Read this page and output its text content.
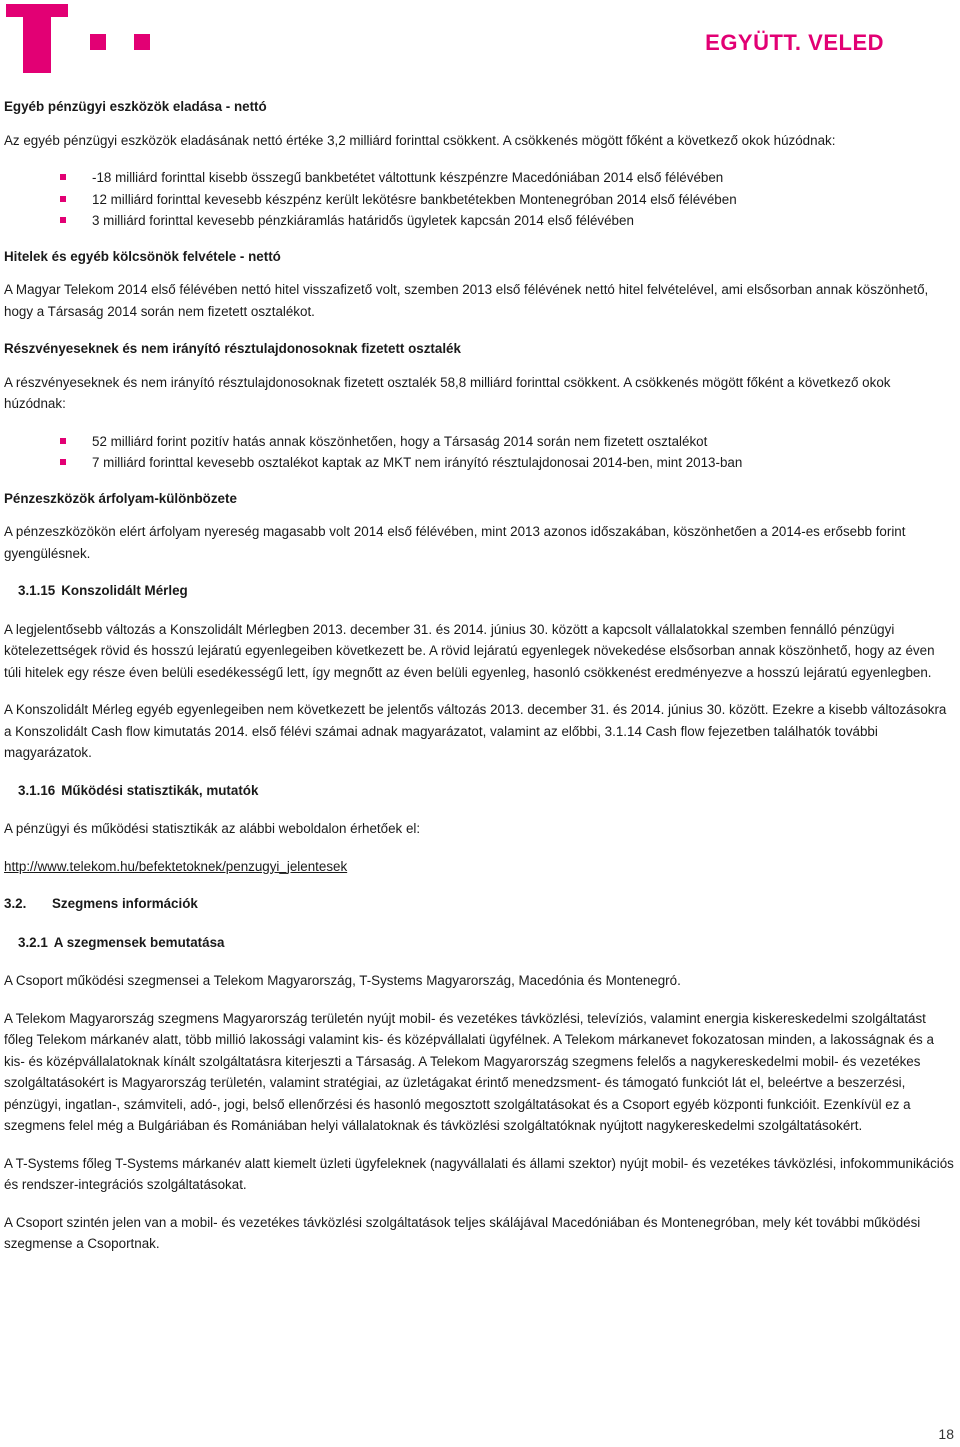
EGYÜTT. VELED
Egyéb pénzügyi eszközök eladása - nettó
Az egyéb pénzügyi eszközök eladásának nettó értéke 3,2 milliárd forinttal csökkent. A csökkenés mögött főként a következő okok húzódnak:
-18 milliárd forinttal kisebb összegű bankbetétet váltottunk készpénzre Macedóniában 2014 első félévében
12 milliárd forinttal kevesebb készpénz került lekötésre bankbetétekben Montenegróban 2014 első félévében
3 milliárd forinttal kevesebb pénzkiáramlás határidős ügyletek kapcsán 2014 első félévében
Hitelek és egyéb kölcsönök felvétele - nettó
A Magyar Telekom 2014 első félévében nettó hitel visszafizető volt, szemben 2013 első félévének nettó hitel felvételével, ami elsősorban annak köszönhető, hogy a Társaság 2014 során nem fizetett osztalékot.
Részvényeseknek és nem irányító résztulajdonosoknak fizetett osztalék
A részvényeseknek és nem irányító résztulajdonosoknak fizetett osztalék 58,8 milliárd forinttal csökkent. A csökkenés mögött főként a következő okok húzódnak:
52 milliárd forint pozitív hatás annak köszönhetően, hogy a Társaság 2014 során nem fizetett osztalékot
7 milliárd forinttal kevesebb osztalékot kaptak az MKT nem irányító résztulajdonosai 2014-ben, mint 2013-ban
Pénzeszközök árfolyam-különbözete
A pénzeszközökön elért árfolyam nyereség magasabb volt 2014 első félévében, mint 2013 azonos időszakában, köszönhetően a 2014-es erősebb forint gyengülésnek.
3.1.15 Konszolidált Mérleg
A legjelentősebb változás a Konszolidált Mérlegben 2013. december 31. és 2014. június 30. között a kapcsolt vállalatokkal szemben fennálló pénzügyi kötelezettségek rövid és hosszú lejáratú egyenlegeiben következett be. A rövid lejáratú egyenlegek növekedése elsősorban annak köszönhető, hogy az éven túli hitelek egy része éven belüli esedékességű lett, így megnőtt az éven belüli egyenleg, hasonló csökkenést eredményezve a hosszú lejáratú egyenlegben.
A Konszolidált Mérleg egyéb egyenlegeiben nem következett be jelentős változás 2013. december 31. és 2014. június 30. között. Ezekre a kisebb változásokra a Konszolidált Cash flow kimutatás 2014. első félévi számai adnak magyarázatot, valamint az előbbi, 3.1.14 Cash flow fejezetben találhatók további magyarázatok.
3.1.16 Működési statisztikák, mutatók
A pénzügyi és működési statisztikák az alábbi weboldalon érhetőek el:
http://www.telekom.hu/befektetoknek/penzugyi_jelentesek
3.2. Szegmens információk
3.2.1 A szegmensek bemutatása
A Csoport működési szegmensei a Telekom Magyarország, T-Systems Magyarország, Macedónia és Montenegró.
A Telekom Magyarország szegmens Magyarország területén nyújt mobil- és vezetékes távközlési, televíziós, valamint energia kiskereskedelmi szolgáltatást főleg Telekom márkanév alatt, több millió lakossági valamint kis- és középvállalati ügyfélnek. A Telekom márkanevet fokozatosan minden, a lakosságnak és a kis- és középvállalatoknak kínált szolgáltatásra kiterjeszti a Társaság. A Telekom Magyarország szegmens felelős a nagykereskedelmi mobil- és vezetékes szolgáltatásokért is Magyarország területén, valamint stratégiai, az üzletágakat érintő menedzsment- és támogató funkciót lát el, beleértve a beszerzési, pénzügyi, ingatlan-, számviteli, adó-, jogi, belső ellenőrzési és hasonló megosztott szolgáltatásokat és a Csoport egyéb központi funkcióit. Ezenkívül ez a szegmens felel még a Bulgáriában és Romániában helyi vállalatoknak és távközlési szolgáltatóknak nyújtott nagykereskedelmi szolgáltatásokért.
A T-Systems főleg T-Systems márkanév alatt kiemelt üzleti ügyfeleknek (nagyvállalati és állami szektor) nyújt mobil- és vezetékes távközlési, infokommunikációs és rendszer-integrációs szolgáltatásokat.
A Csoport szintén jelen van a mobil- és vezetékes távközlési szolgáltatások teljes skálájával Macedóniában és Montenegróban, mely két további működési szegmense a Csoportnak.
18
